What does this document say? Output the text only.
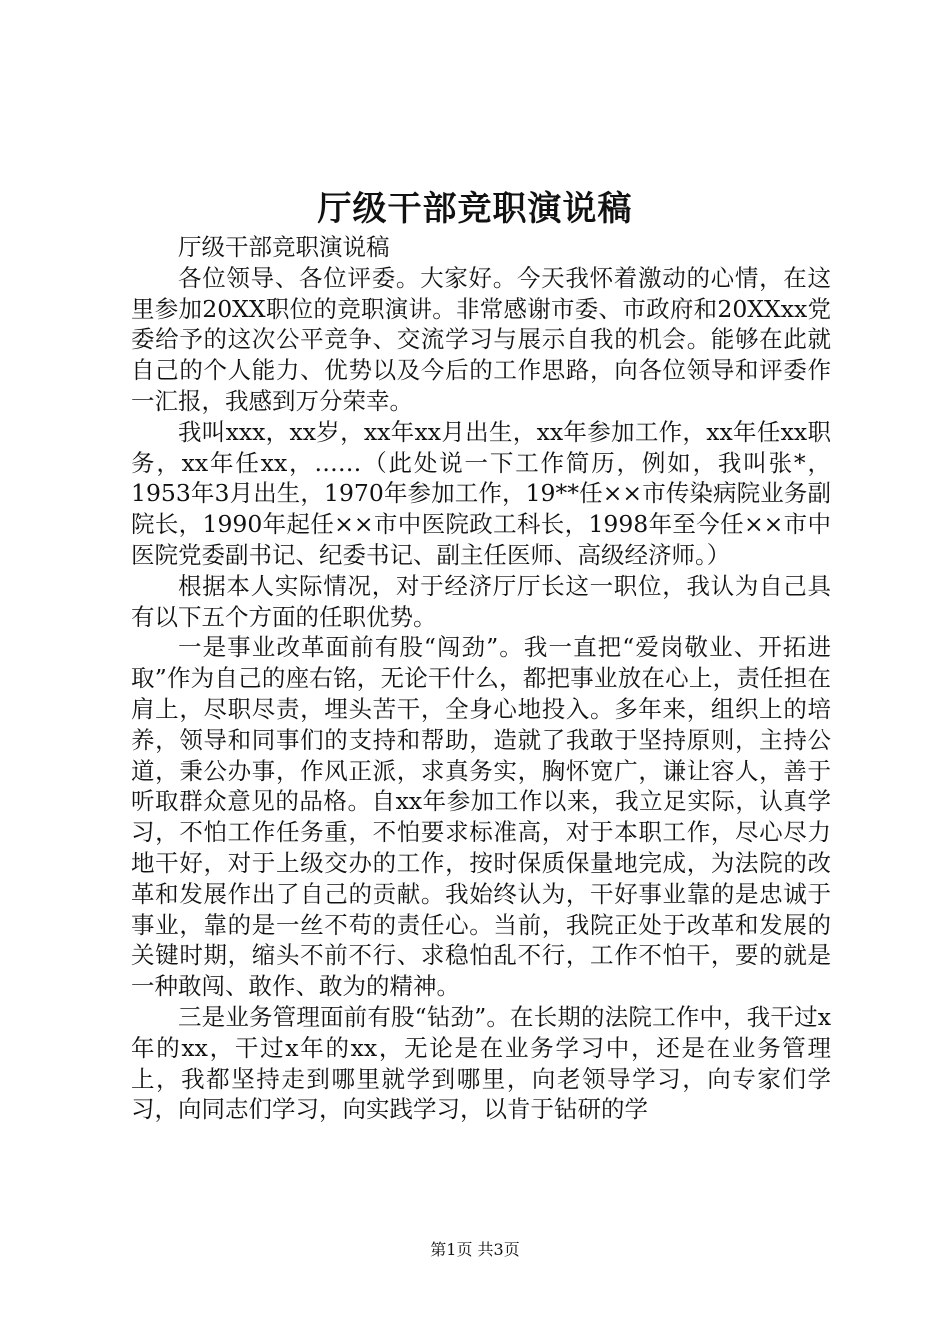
厅级干部竞职演说稿

厅级干部竞职演说稿

各位领导、各位评委。大家好。今天我怀着激动的心情，在这里参加20XX职位的竞职演讲。非常感谢市委、市政府和20XXxx党委给予的这次公平竞争、交流学习与展示自我的机会。能够在此就自己的个人能力、优势以及今后的工作思路，向各位领导和评委作一汇报，我感到万分荣幸。

我叫xxx，xx岁，xx年xx月出生，xx年参加工作，xx年任xx职务，xx年任xx，……（此处说一下工作简历，例如，我叫张*，1953年3月出生，1970年参加工作，19**任××市传染病院业务副院长，1990年起任××市中医院政工科长，1998年至今任××市中医院党委副书记、纪委书记、副主任医师、高级经济师。）

根据本人实际情况，对于经济厅厅长这一职位，我认为自己具有以下五个方面的任职优势。

一是事业改革面前有股“闯劲”。我一直把“爱岗敬业、开拓进取”作为自己的座右铭，无论干什么，都把事业放在心上，责任担在肩上，尽职尽责，埋头苦干，全身心地投入。多年来，组织上的培养，领导和同事们的支持和帮助，造就了我敢于坚持原则，主持公道，秉公办事，作风正派，求真务实，胸怀宽广，谦让容人，善于听取群众意见的品格。自xx年参加工作以来，我立足实际，认真学习，不怕工作任务重，不怕要求标准高，对于本职工作，尽心尽力地干好，对于上级交办的工作，按时保质保量地完成，为法院的改革和发展作出了自己的贡献。我始终认为，干好事业靠的是忠诚于事业，靠的是一丝不苟的责任心。当前，我院正处于改革和发展的关键时期，缩头不前不行、求稳怕乱不行，工作不怕干，要的就是一种敢闯、敢作、敢为的精神。

三是业务管理面前有股“钻劲”。在长期的法院工作中，我干过x年的xx，干过x年的xx，无论是在业务学习中，还是在业务管理上，我都坚持走到哪里就学到哪里，向老领导学习，向专家们学习，向同志们学习，向实践学习，以肯于钻研的学

第1页 共3页
